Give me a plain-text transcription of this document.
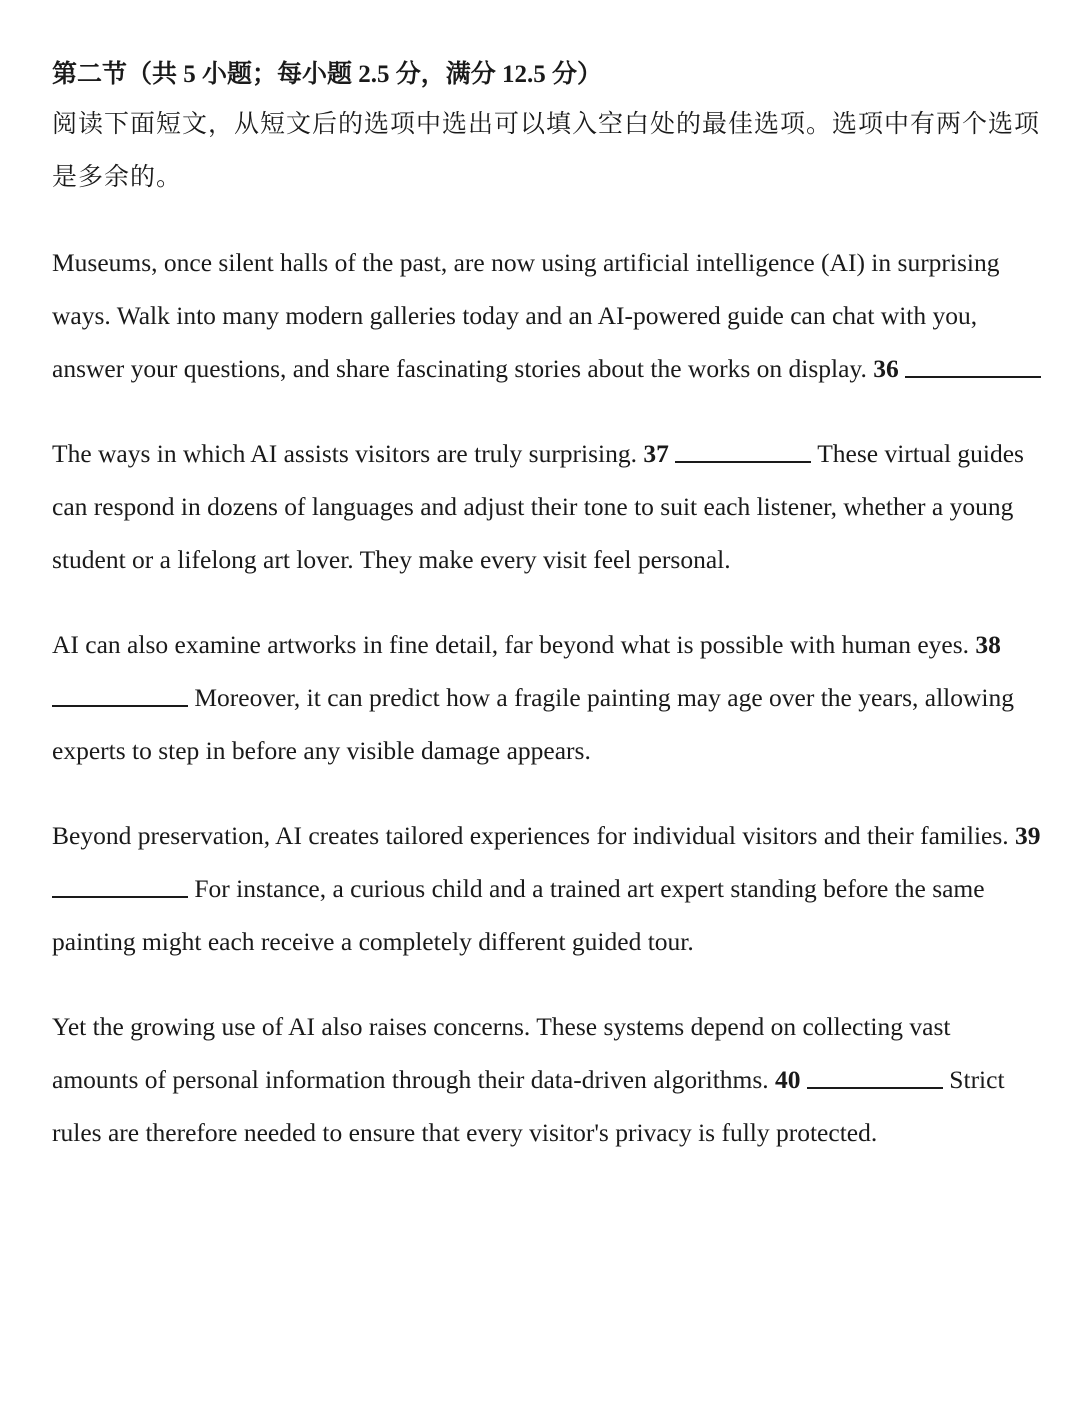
第二节（共 5 小题；每小题 2.5 分，满分 12.5 分）

阅读下面短文，从短文后的选项中选出可以填入空白处的最佳选项。选项中有两个选项是多余的。

Museums, once silent halls of the past, are now using artificial intelligence (AI) in surprising ways. Walk into many modern galleries today and an AI-powered guide can chat with you, answer your questions, and share fascinating stories about the works on display. 36

The ways in which AI assists visitors are truly surprising. 37	These virtual guides can respond in dozens of languages and adjust their tone to suit each listener, whether a young student or a lifelong art lover. They make every visit feel personal.

AI can also examine artworks in fine detail, far beyond what is possible with human eyes. 38  Moreover, it can predict how a fragile painting may age over the years, allowing experts to step in before any visible damage appears.

Beyond preservation, AI creates tailored experiences for individual visitors and their families. 39  For instance, a curious child and a trained art expert standing before the same painting might each receive a completely different guided tour.

Yet the growing use of AI also raises concerns. These systems depend on collecting vast amounts of personal information through their data-driven algorithms. 40	Strict rules are therefore needed to ensure that every visitor's privacy is fully protected.
